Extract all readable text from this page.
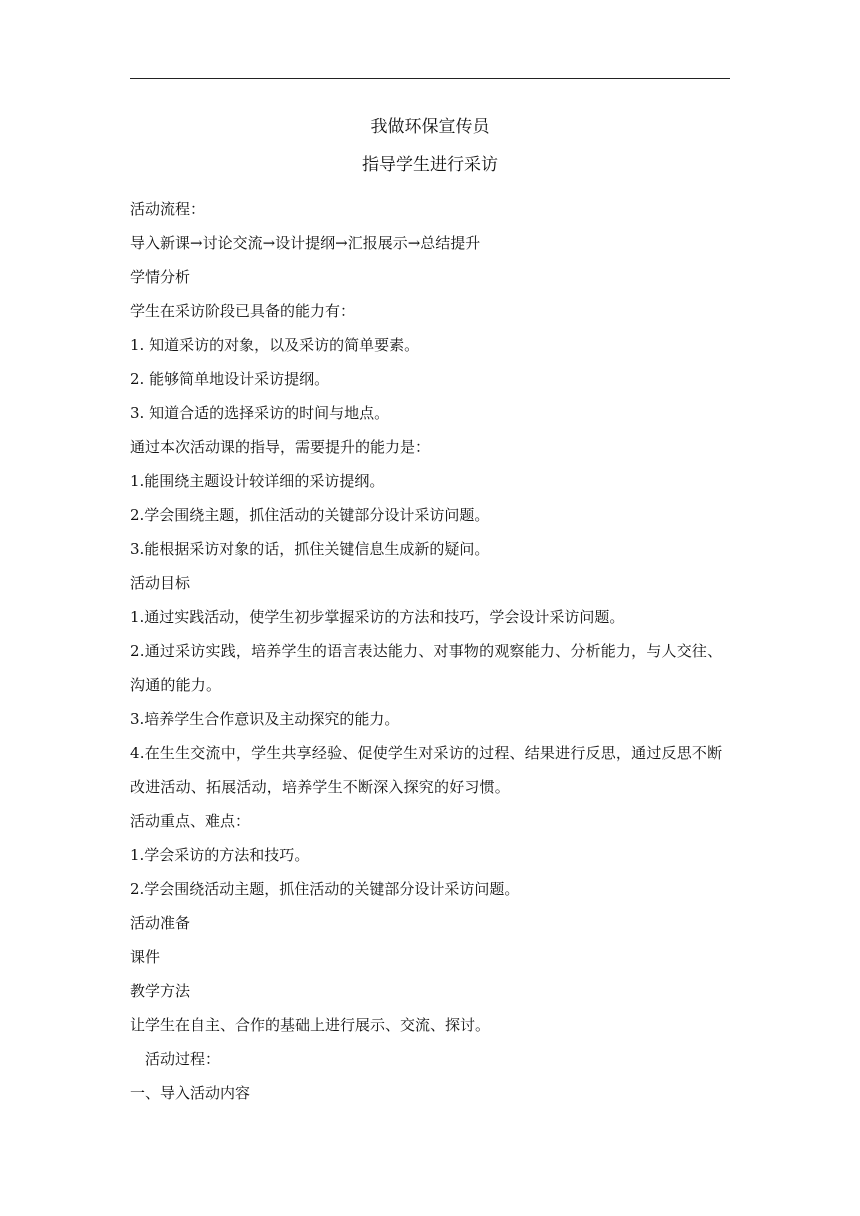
我做环保宣传员

指导学生进行采访

活动流程：

导入新课→讨论交流→设计提纲→汇报展示→总结提升

学情分析

学生在采访阶段已具备的能力有：

1. 知道采访的对象，以及采访的简单要素。

2. 能够简单地设计采访提纲。

3. 知道合适的选择采访的时间与地点。

通过本次活动课的指导，需要提升的能力是：

1.能围绕主题设计较详细的采访提纲。

2.学会围绕主题，抓住活动的关键部分设计采访问题。

3.能根据采访对象的话，抓住关键信息生成新的疑问。

活动目标

1.通过实践活动，使学生初步掌握采访的方法和技巧，学会设计采访问题。

2.通过采访实践，培养学生的语言表达能力、对事物的观察能力、分析能力，与人交往、沟通的能力。

3.培养学生合作意识及主动探究的能力。

4.在生生交流中，学生共享经验、促使学生对采访的过程、结果进行反思，通过反思不断改进活动、拓展活动，培养学生不断深入探究的好习惯。

活动重点、难点：

1.学会采访的方法和技巧。

2.学会围绕活动主题，抓住活动的关键部分设计采访问题。

活动准备

课件

教学方法

让学生在自主、合作的基础上进行展示、交流、探讨。

活动过程：

一、导入活动内容
